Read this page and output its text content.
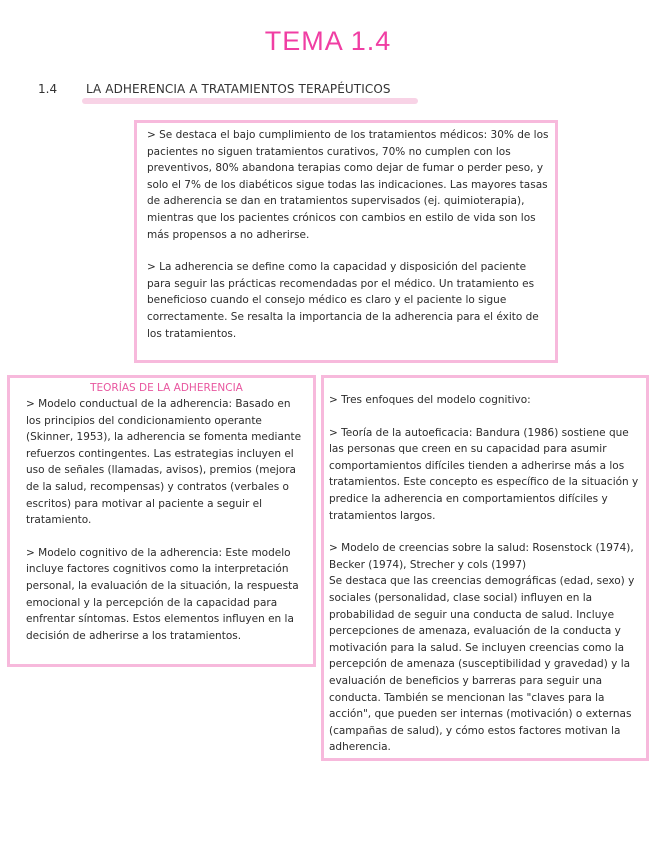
TEMA 1.4
1.4 LA ADHERENCIA A TRATAMIENTOS TERAPÉUTICOS

> Se destaca el bajo cumplimiento de los tratamientos médicos: 30% de los pacientes no siguen tratamientos curativos, 70% no cumplen con los preventivos, 80% abandona terapias como dejar de fumar o perder peso, y solo el 7% de los diabéticos sigue todas las indicaciones. Las mayores tasas de adherencia se dan en tratamientos supervisados (ej. quimioterapia), mientras que los pacientes crónicos con cambios en estilo de vida son los más propensos a no adherirse.

> La adherencia se define como la capacidad y disposición del paciente para seguir las prácticas recomendadas por el médico. Un tratamiento es beneficioso cuando el consejo médico es claro y el paciente lo sigue correctamente. Se resalta la importancia de la adherencia para el éxito de los tratamientos.

TEORÍAS DE LA ADHERENCIA

> Modelo conductual de la adherencia: Basado en los principios del condicionamiento operante (Skinner, 1953), la adherencia se fomenta mediante refuerzos contingentes. Las estrategias incluyen el uso de señales (llamadas, avisos), premios (mejora de la salud, recompensas) y contratos (verbales o escritos) para motivar al paciente a seguir el tratamiento.

> Modelo cognitivo de la adherencia: Este modelo incluye factores cognitivos como la interpretación personal, la evaluación de la situación, la respuesta emocional y la percepción de la capacidad para enfrentar síntomas. Estos elementos influyen en la decisión de adherirse a los tratamientos.

> Tres enfoques del modelo cognitivo:

> Teoría de la autoeficacia: Bandura (1986) sostiene que las personas que creen en su capacidad para asumir comportamientos difíciles tienden a adherirse más a los tratamientos. Este concepto es específico de la situación y predice la adherencia en comportamientos difíciles y tratamientos largos.

> Modelo de creencias sobre la salud: Rosenstock (1974), Becker (1974), Strecher y cols (1997)
Se destaca que las creencias demográficas (edad, sexo) y sociales (personalidad, clase social) influyen en la probabilidad de seguir una conducta de salud. Incluye percepciones de amenaza, evaluación de la conducta y motivación para la salud. Se incluyen creencias como la percepción de amenaza (susceptibilidad y gravedad) y la evaluación de beneficios y barreras para seguir una conducta. También se mencionan las "claves para la acción", que pueden ser internas (motivación) o externas (campañas de salud), y cómo estos factores motivan la adherencia.
